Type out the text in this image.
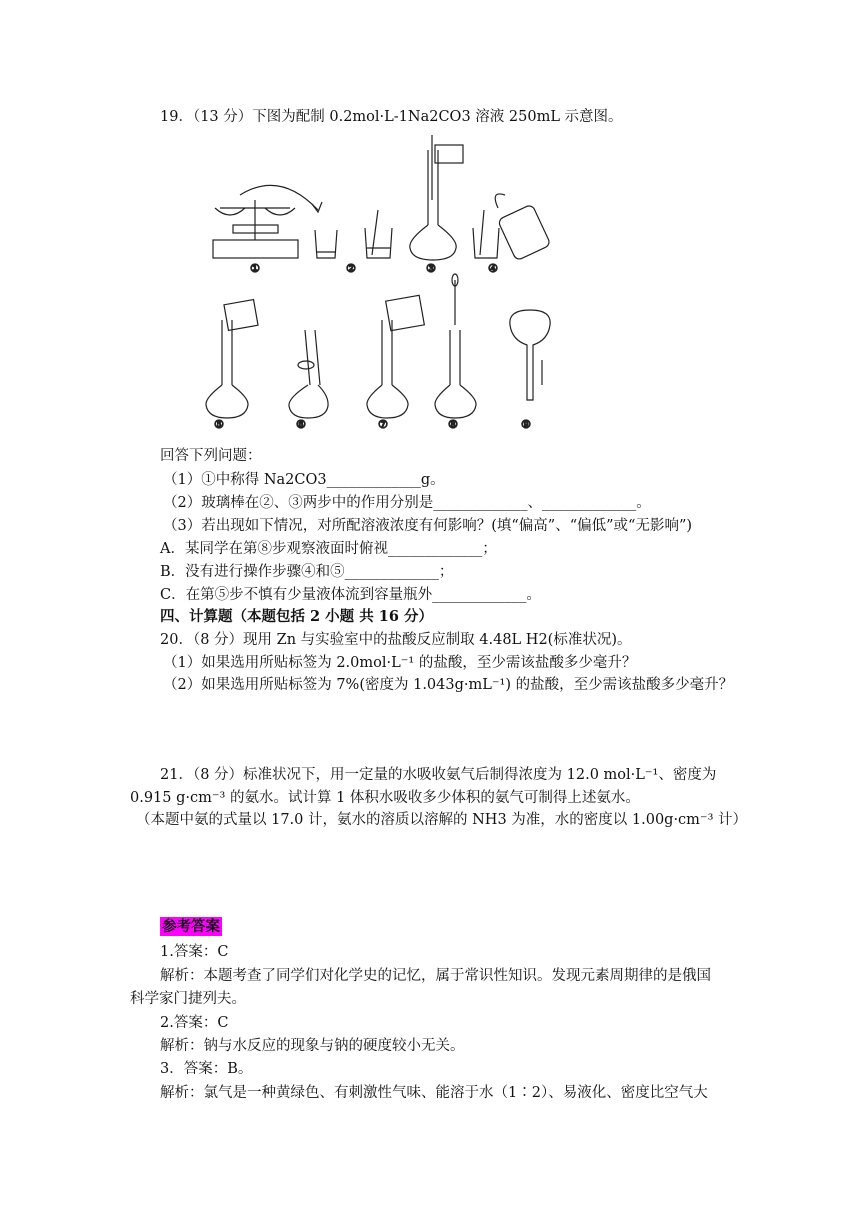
19．（13 分）下图为配制 0.2mol·L-1Na2CO3 溶液 250mL 示意图。
①	②	③	④
⑤	⑥	⑦	⑧	⑨
回答下列问题：
（1）①中称得 Na2CO3_____________g。
（2）玻璃棒在②、③两步中的作用分别是_____________、_____________。
（3）若出现如下情况，对所配溶液浓度有何影响？(填“偏高”、“偏低”或“无影响”)
A．某同学在第⑧步观察液面时俯视_____________；
B．没有进行操作步骤④和⑤_____________；
C．在第⑤步不慎有少量液体流到容量瓶外_____________。
四、计算题（本题包括 2 小题 共 16 分）
20．（8 分）现用 Zn 与实验室中的盐酸反应制取 4.48L H2(标准状况)。
（1）如果选用所贴标签为 2.0mol·L⁻¹ 的盐酸，至少需该盐酸多少毫升？
（2）如果选用所贴标签为 7%(密度为 1.043g·mL⁻¹) 的盐酸，至少需该盐酸多少毫升？
21．（8 分）标准状况下，用一定量的水吸收氨气后制得浓度为 12.0 mol·L⁻¹、密度为
0.915 g·cm⁻³ 的氨水。试计算 1 体积水吸收多少体积的氨气可制得上述氨水。
（本题中氨的式量以 17.0 计，氨水的溶质以溶解的 NH3 为准，水的密度以 1.00g·cm⁻³ 计）
参考答案
1.答案：C
解析：本题考查了同学们对化学史的记忆，属于常识性知识。发现元素周期律的是俄国
科学家门捷列夫。
2.答案：C
解析：钠与水反应的现象与钠的硬度较小无关。
3．答案：B。
解析：氯气是一种黄绿色、有刺激性气味、能溶于水（1∶2）、易液化、密度比空气大
